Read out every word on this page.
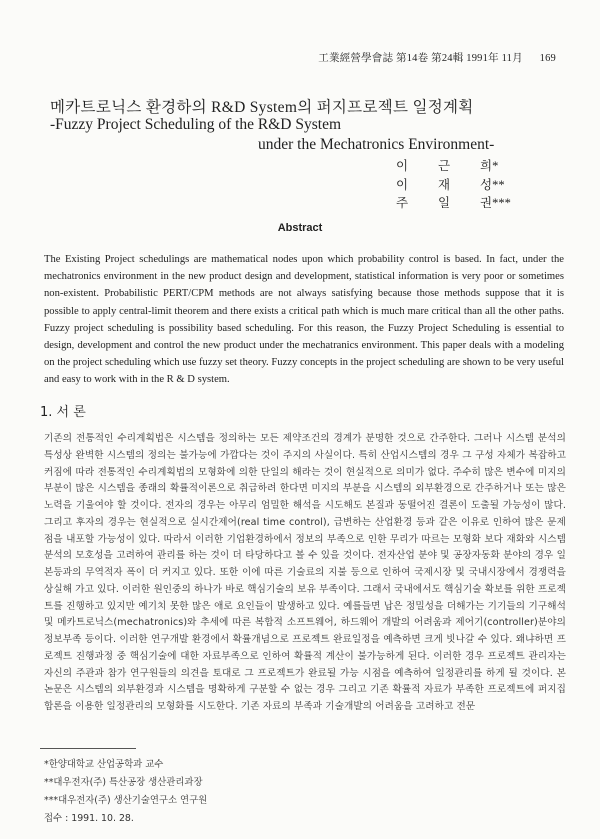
工業經營學會誌 第14卷 第24輯 1991年 11月 169
메카트로닉스 환경하의 R&D System의 퍼지프로젝트 일정계획
-Fuzzy Project Scheduling of the R&D System
under the Mechatronics Environment-
이 근 희*
이 재 성**
주 일 권***
Abstract
The Existing Project schedulings are mathematical nodes upon which probability control is based. In fact, under the mechatronics environment in the new product design and development, statistical information is very poor or sometimes non-existent. Probabilistic PERT/CPM methods are not always satisfying because those methods suppose that it is possible to apply central-limit theorem and there exists a critical path which is much mare critical than all the other paths. Fuzzy project scheduling is possibility based scheduling. For this reason, the Fuzzy Project Scheduling is essential to design, development and control the new product under the mechatranics environment. This paper deals with a modeling on the project scheduling which use fuzzy set theory. Fuzzy concepts in the project scheduling are shown to be very useful and easy to work with in the R & D system.
1. 서 론
기존의 전통적인 수리계획법은 시스템을 정의하는 모든 제약조건의 경계가 분명한 것으로 간주한다. 그러나 시스템 분석의 특성상 완벽한 시스템의 정의는 불가능에 가깝다는 것이 주지의 사실이다. 특히 산업시스템의 경우 그 구성 자체가 복잡하고 커짐에 따라 전통적인 수리계획법의 모형화에 의한 단일의 해라는 것이 현실적으로 의미가 없다. 주수히 많은 변수에 미지의 부분이 많은 시스템을 종래의 확률적이론으로 취급하려 한다면 미지의 부분을 시스템의 외부환경으로 간주하거나 또는 많은 노력을 기울여야 할 것이다. 전자의 경우는 아무리 엄밀한 해석을 시도해도 본질과 동떨어진 결론이 도출될 가능성이 많다. 그리고 후자의 경우는 현실적으로 실시간제어(real time control), 급변하는 산업환경 등과 같은 이유로 인하여 많은 문제점을 내포할 가능성이 있다. 따라서 이러한 기업환경하에서 정보의 부족으로 인한 무리가 따르는 모형화 보다 재화와 시스템분석의 모호성을 고려하여 관리를 하는 것이 더 타당하다고 볼 수 있을 것이다. 전자산업 분야 및 공장자동화 분야의 경우 일본등과의 무역적자 폭이 더 커지고 있다. 또한 이에 따른 기술료의 지불 등으로 인하여 국제시장 및 국내시장에서 경쟁력을 상실해 가고 있다. 이러한 원인중의 하나가 바로 핵심기술의 보유 부족이다. 그래서 국내에서도 핵심기술 확보를 위한 프로젝트를 진행하고 있지만 예기치 못한 많은 애로 요인들이 발생하고 있다. 예를들면 납은 정밀성을 더해가는 기기들의 기구해석 및 메카트로닉스(mechatronics)와 추세에 따른 복합적 소프트웨어, 하드웨어 개발의 어려움과 제어기(controller)분야의 정보부족 등이다. 이러한 연구개발 환경에서 확률개념으로 프로젝트 완료일정을 예측하면 크게 빗나갈 수 있다. 왜냐하면 프로젝트 진행과정 중 핵심기술에 대한 자료부족으로 인하여 확률적 계산이 불가능하게 된다. 이러한 경우 프로젝트 관리자는 자신의 주관과 참가 연구원들의 의견을 토대로 그 프로젝트가 완료될 가능 시점을 예측하여 일정관리를 하게 될 것이다. 본 논문은 시스템의 외부환경과 시스템을 명확하게 구분할 수 없는 경우 그리고 기존 확률적 자료가 부족한 프로젝트에 퍼지집합론을 이용한 일정관리의 모형화를 시도한다. 기존 자료의 부족과 기술개발의 어려움을 고려하고 전문
*한양대학교 산업공학과 교수
**대우전자(주) 특산공장 생산관리과장
***대우전자(주) 생산기술연구소 연구원
접수 : 1991. 10. 28.
